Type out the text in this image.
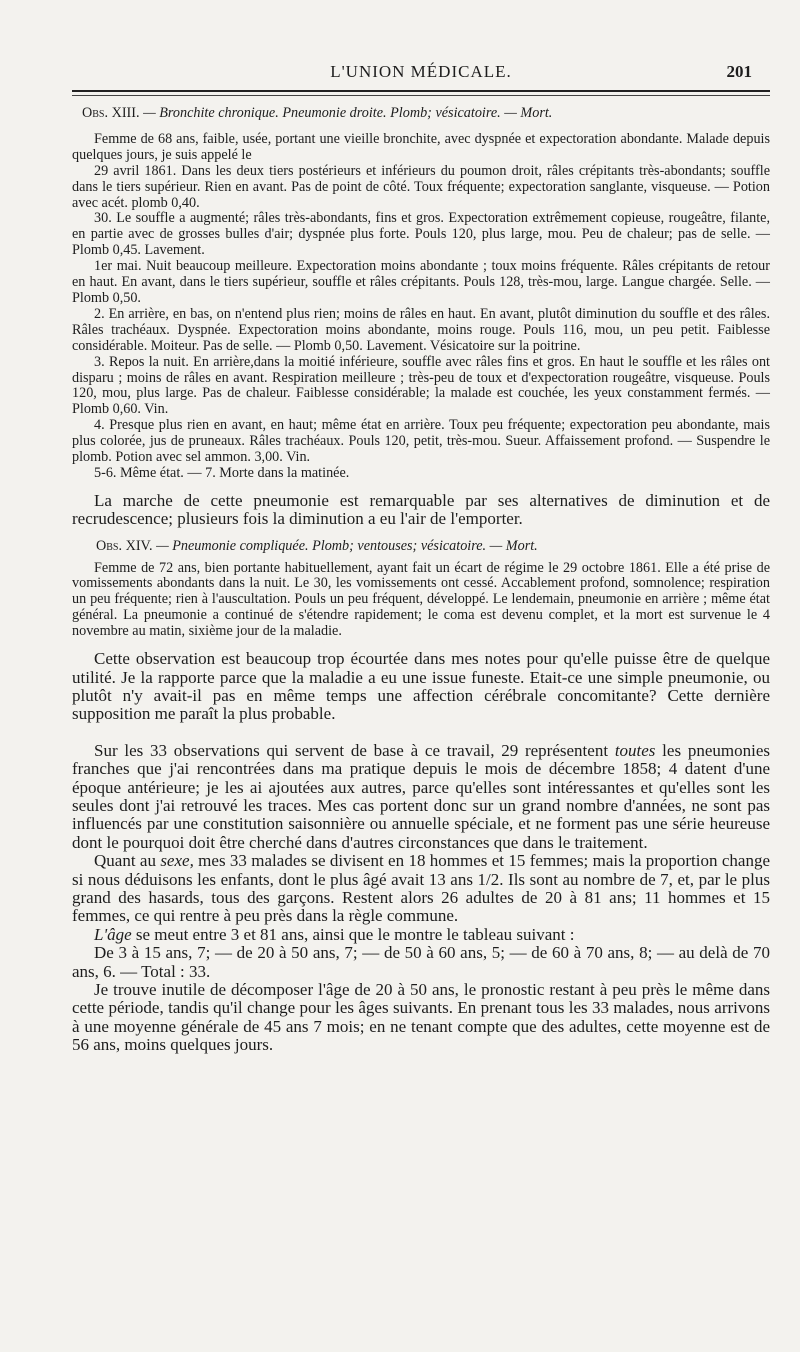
L'UNION MÉDICALE.	201

Obs. XIII. — Bronchite chronique. Pneumonie droite. Plomb; vésicatoire. — Mort.

Femme de 68 ans, faible, usée, portant une vieille bronchite, avec dyspnée et expectoration abondante. Malade depuis quelques jours, je suis appelé le

29 avril 1861. Dans les deux tiers postérieurs et inférieurs du poumon droit, râles crépitants très-abondants; souffle dans le tiers supérieur. Rien en avant. Pas de point de côté. Toux fréquente; expectoration sanglante, visqueuse. — Potion avec acét. plomb 0,40.

30. Le souffle a augmenté; râles très-abondants, fins et gros. Expectoration extrêmement copieuse, rougeâtre, filante, en partie avec de grosses bulles d'air; dyspnée plus forte. Pouls 120, plus large, mou. Peu de chaleur; pas de selle. — Plomb 0,45. Lavement.

1er mai. Nuit beaucoup meilleure. Expectoration moins abondante ; toux moins fréquente. Râles crépitants de retour en haut. En avant, dans le tiers supérieur, souffle et râles crépitants. Pouls 128, très-mou, large. Langue chargée. Selle. — Plomb 0,50.

2. En arrière, en bas, on n'entend plus rien; moins de râles en haut. En avant, plutôt diminution du souffle et des râles. Râles trachéaux. Dyspnée. Expectoration moins abondante, moins rouge. Pouls 116, mou, un peu petit. Faiblesse considérable. Moiteur. Pas de selle. — Plomb 0,50. Lavement. Vésicatoire sur la poitrine.

3. Repos la nuit. En arrière,dans la moitié inférieure, souffle avec râles fins et gros. En haut le souffle et les râles ont disparu ; moins de râles en avant. Respiration meilleure ; très-peu de toux et d'expectoration rougeâtre, visqueuse. Pouls 120, mou, plus large. Pas de chaleur. Faiblesse considérable; la malade est couchée, les yeux constamment fermés. — Plomb 0,60. Vin.

4. Presque plus rien en avant, en haut; même état en arrière. Toux peu fréquente; expectoration peu abondante, mais plus colorée, jus de pruneaux. Râles trachéaux. Pouls 120, petit, très-mou. Sueur. Affaissement profond. — Suspendre le plomb. Potion avec sel ammon. 3,00. Vin.

5-6. Même état. — 7. Morte dans la matinée.

La marche de cette pneumonie est remarquable par ses alternatives de diminution et de recrudescence; plusieurs fois la diminution a eu l'air de l'emporter.

Obs. XIV. — Pneumonie compliquée. Plomb; ventouses; vésicatoire. — Mort.

Femme de 72 ans, bien portante habituellement, ayant fait un écart de régime le 29 octobre 1861. Elle a été prise de vomissements abondants dans la nuit. Le 30, les vomissements ont cessé. Accablement profond, somnolence; respiration un peu fréquente; rien à l'auscultation. Pouls un peu fréquent, développé. Le lendemain, pneumonie en arrière ; même état général. La pneumonie a continué de s'étendre rapidement; le coma est devenu complet, et la mort est survenue le 4 novembre au matin, sixième jour de la maladie.

Cette observation est beaucoup trop écourtée dans mes notes pour qu'elle puisse être de quelque utilité. Je la rapporte parce que la maladie a eu une issue funeste. Etait-ce une simple pneumonie, ou plutôt n'y avait-il pas en même temps une affection cérébrale concomitante? Cette dernière supposition me paraît la plus probable.

Sur les 33 observations qui servent de base à ce travail, 29 représentent toutes les pneumonies franches que j'ai rencontrées dans ma pratique depuis le mois de décembre 1858; 4 datent d'une époque antérieure; je les ai ajoutées aux autres, parce qu'elles sont intéressantes et qu'elles sont les seules dont j'ai retrouvé les traces. Mes cas portent donc sur un grand nombre d'années, ne sont pas influencés par une constitution saisonnière ou annuelle spéciale, et ne forment pas une série heureuse dont le pourquoi doit être cherché dans d'autres circonstances que dans le traitement.

Quant au sexe, mes 33 malades se divisent en 18 hommes et 15 femmes; mais la proportion change si nous déduisons les enfants, dont le plus âgé avait 13 ans 1/2. Ils sont au nombre de 7, et, par le plus grand des hasards, tous des garçons. Restent alors 26 adultes de 20 à 81 ans; 11 hommes et 15 femmes, ce qui rentre à peu près dans la règle commune.

L'âge se meut entre 3 et 81 ans, ainsi que le montre le tableau suivant :

De 3 à 15 ans, 7; — de 20 à 50 ans, 7; — de 50 à 60 ans, 5; — de 60 à 70 ans, 8; — au delà de 70 ans, 6. — Total : 33.

Je trouve inutile de décomposer l'âge de 20 à 50 ans, le pronostic restant à peu près le même dans cette période, tandis qu'il change pour les âges suivants. En prenant tous les 33 malades, nous arrivons à une moyenne générale de 45 ans 7 mois; en ne tenant compte que des adultes, cette moyenne est de 56 ans, moins quelques jours.
